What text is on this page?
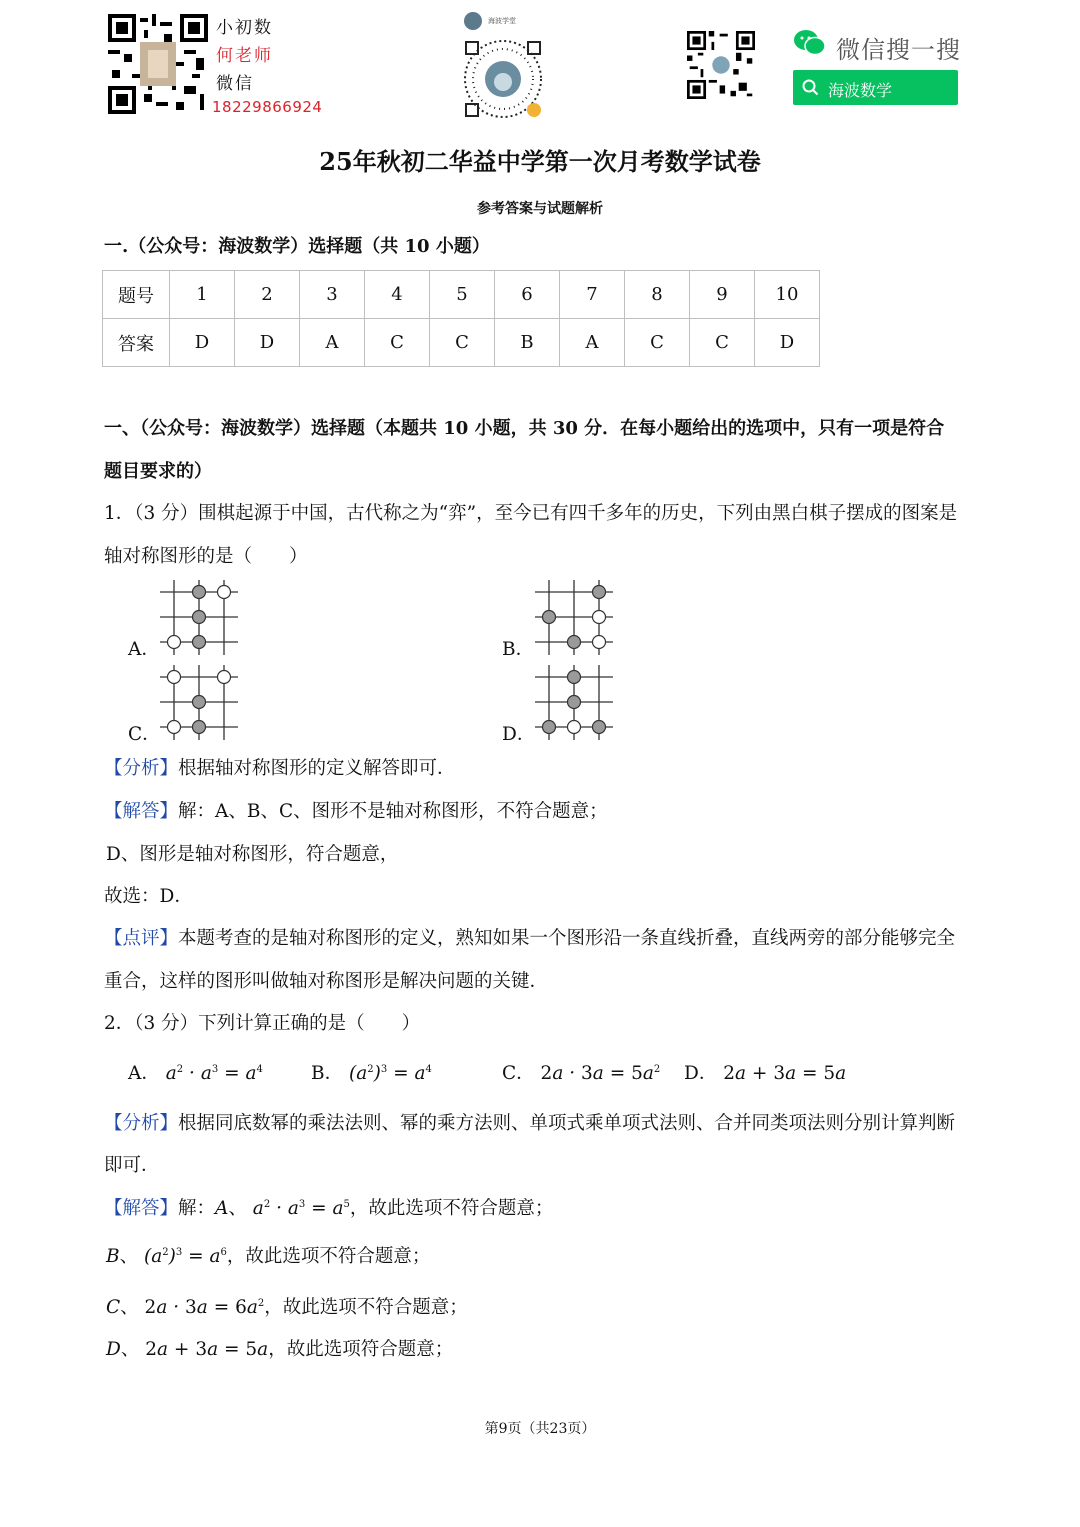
小初数
何老师
微信
18229866924
海波学堂
微信搜一搜
海波数学
25年秋初二华益中学第一次月考数学试卷
参考答案与试题解析
一.（公众号：海波数学）选择题（共 10 小题）
题号	1	2	3	4	5	6	7	8	9	10
答案	D	D	A	C	C	B	A	C	C	D
一、（公众号：海波数学）选择题（本题共 10 小题，共 30 分．在每小题给出的选项中，只有一项是符合
题目要求的）
1．（3 分）围棋起源于中国，古代称之为“弈”，至今已有四千多年的历史，下列由黑白棋子摆成的图案是
轴对称图形的是（　　）
A．	B．
C．	D．
【分析】根据轴对称图形的定义解答即可．
【解答】解：A、B、C、图形不是轴对称图形，不符合题意；
D、图形是轴对称图形，符合题意，
故选：D．
【点评】本题考查的是轴对称图形的定义，熟知如果一个图形沿一条直线折叠，直线两旁的部分能够完全
重合，这样的图形叫做轴对称图形是解决问题的关键．
2．（3 分）下列计算正确的是（　　）
A． $a^2 \cdot a^3 = a^4$	B． $(a^2)^3 = a^4$	C． $2a \cdot 3a = 5a^2$ D． 2a + 3a = 5a
【分析】根据同底数幂的乘法法则、幂的乘方法则、单项式乘单项式法则、合并同类项法则分别计算判断
即可．
【解答】解：A、 $a^2 \cdot a^3 = a^5$，故此选项不符合题意；
B、 $(a^2)^3 = a^6$，故此选项不符合题意；
C、 $2a \cdot 3a = 6a^2$，故此选项不符合题意；
D、 2a + 3a = 5a，故此选项符合题意；
第9页（共23页）
